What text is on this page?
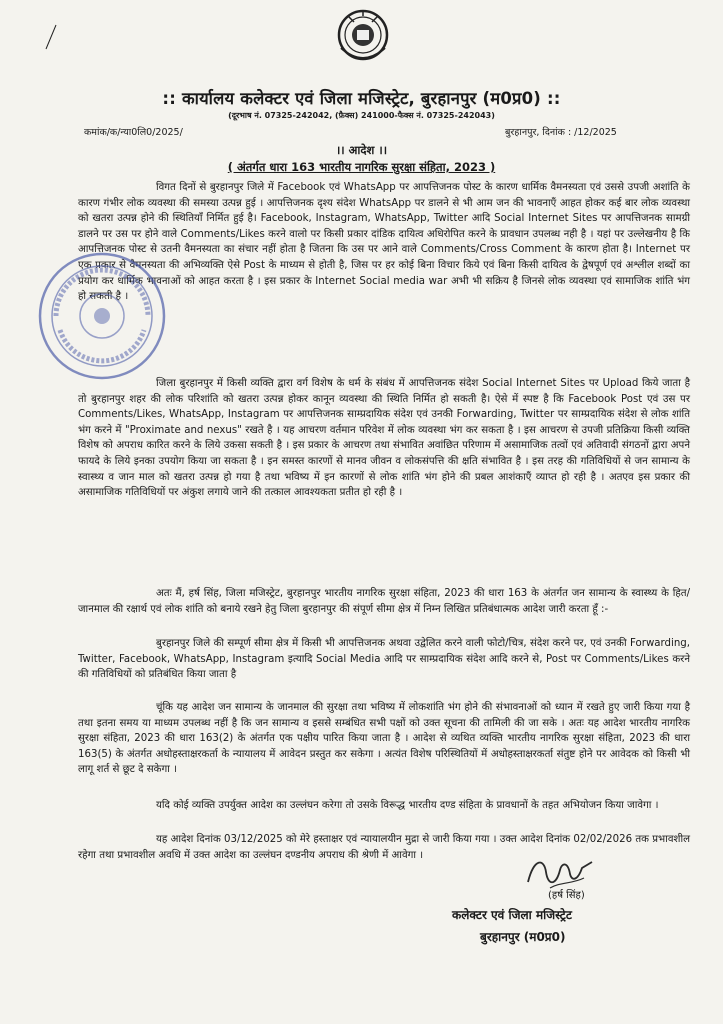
:: कार्यालय कलेक्टर एवं जिला मजिस्ट्रेट, बुरहानपुर (म0प्र0) ::
(दूरभाष नं. 07325-242042, (फ़ैक्स) 241000-फैक्स नं. 07325-242043)
कमांक/क/न्या0लि0/2025/	बुरहानपुर, दिनांक : /12/2025
।। आदेश ।।
( अंतर्गत धारा 163 भारतीय नागरिक सुरक्षा संहिता, 2023 )

विगत दिनों से बुरहानपुर जिले में Facebook एवं WhatsApp पर आपत्तिजनक पोस्ट के कारण धार्मिक वैमनस्यता एवं उससे उपजी अशांति के कारण गंभीर लोक व्यवस्था की समस्या उत्पन्न हुई । आपत्तिजनक दृश्य संदेश WhatsApp पर डालने से भी आम जन की भावनाएँ आहत होकर कई बार लोक व्यवस्था को खतरा उत्पन्न होने की स्थितियाँ निर्मित हुई है। Facebook, Instagram, WhatsApp, Twitter आदि Social Internet Sites पर आपत्तिजनक सामग्री डालने पर उस पर होने वाले Comments/Likes करने वालो पर किसी प्रकार दांडिक दायित्व अधिरोपित करने के प्रावधान उपलब्ध नही है । यहां पर उल्लेखनीय है कि आपत्तिजनक पोस्ट से उतनी वैमनस्यता का संचार नहीं होता है जितना कि उस पर आने वाले Comments/Cross Comment के कारण होता है। Internet पर एक प्रकार से वैमनस्यता की अभिव्यक्ति ऐसे Post के माध्यम से होती है, जिस पर हर कोई बिना विचार किये एवं बिना किसी दायित्व के द्वेषपूर्ण एवं अश्लील शब्दों का प्रयोग कर धार्मिक भावनाओं को आहत करता है । इस प्रकार के Internet Social media war अभी भी सक्रिय है जिनसे लोक व्यवस्था एवं सामाजिक शांति भंग हो सकती है ।

जिला बुरहानपुर में किसी व्यक्ति द्वारा वर्ग विशेष के धर्म के संबंध में आपत्तिजनक संदेश Social Internet Sites पर Upload किये जाता है तो बुरहानपुर शहर की लोक परिशांति को खतरा उत्पन्न होकर कानून व्यवस्था की स्थिति निर्मित हो सकती है। ऐसे में स्पष्ट है कि Facebook Post एवं उस पर Comments/Likes, WhatsApp, Instagram पर आपत्तिजनक साम्प्रदायिक संदेश एवं उनकी Forwarding, Twitter पर साम्प्रदायिक संदेश से लोक शांति भंग करने में "Proximate and nexus" रखते है । यह आचरण वर्तमान परिवेश में लोक व्यवस्था भंग कर सकता है । इस आचरण से उपजी प्रतिक्रिया किसी व्यक्ति विशेष को अपराध कारित करने के लिये उकसा सकती है । इस प्रकार के आचरण तथा संभावित अवांछित परिणाम में असामाजिक तत्वों एवं अतिवादी संगठनों द्वारा अपने फायदे के लिये इनका उपयोग किया जा सकता है । इन समस्त कारणों से मानव जीवन व लोकसंपत्ति की क्षति संभावित है । इस तरह की गतिविधियों से जन सामान्य के स्वास्थ्य व जान माल को खतरा उत्पन्न हो गया है तथा भविष्य में इन कारणों से लोक शांति भंग होने की प्रबल आशंकाएँ व्याप्त हो रही है । अतएव इस प्रकार की असामाजिक गतिविधियों पर अंकुश लगाये जाने की तत्काल आवश्यकता प्रतीत हो रही है ।

अतः मैं, हर्ष सिंह, जिला मजिस्ट्रेट, बुरहानपुर भारतीय नागरिक सुरक्षा संहिता, 2023 की धारा 163 के अंतर्गत जन सामान्य के स्वास्थ्य के हित/जानमाल की रक्षार्थ एवं लोक शांति को बनाये रखने हेतु जिला बुरहानपुर की संपूर्ण सीमा क्षेत्र में निम्न लिखित प्रतिबंधात्मक आदेश जारी करता हूँ :-

बुरहानपुर जिले की सम्पूर्ण सीमा क्षेत्र में किसी भी आपत्तिजनक अथवा उद्वेलित करने वाली फोटो/चित्र, संदेश करने पर, एवं उनकी Forwarding, Twitter, Facebook, WhatsApp, Instagram इत्यादि Social Media आदि पर साम्प्रदायिक संदेश आदि करने से, Post पर Comments/Likes करने की गतिविधियों को प्रतिबंधित किया जाता है

चूंकि यह आदेश जन सामान्य के जानमाल की सुरक्षा तथा भविष्य में लोकशांति भंग होने की संभावनाओं को ध्यान में रखते हुए जारी किया गया है तथा इतना समय या माध्यम उपलब्ध नहीं है कि जन सामान्य व इससे सम्बंधित सभी पक्षों को उक्त सूचना की तामिली की जा सके । अतः यह आदेश भारतीय नागरिक सुरक्षा संहिता, 2023 की धारा 163(2) के अंतर्गत एक पक्षीय पारित किया जाता है । आदेश से व्यथित व्यक्ति भारतीय नागरिक सुरक्षा संहिता, 2023 की धारा 163(5) के अंतर्गत अधोहस्ताक्षरकर्ता के न्यायालय में आवेदन प्रस्तुत कर सकेगा । अत्यंत विशेष परिस्थितियों में अधोहस्ताक्षरकर्ता संतुष्ट होने पर आवेदक को किसी भी लागू शर्त से छूट दे सकेगा ।

यदि कोई व्यक्ति उपर्युक्त आदेश का उल्लंघन करेगा तो उसके विरूद्ध भारतीय दण्ड संहिता के प्रावधानों के तहत अभियोजन किया जावेगा ।

यह आदेश दिनांक 03/12/2025 को मेरे हस्ताक्षर एवं न्यायालयीन मुद्रा से जारी किया गया । उक्त आदेश दिनांक 02/02/2026 तक प्रभावशील रहेगा तथा प्रभावशील अवधि में उक्त आदेश का उल्लंघन दण्डनीय अपराध की श्रेणी में आवेगा ।

(हर्ष सिंह)
कलेक्टर एवं जिला मजिस्ट्रेट
बुरहानपुर (म0प्र0)
